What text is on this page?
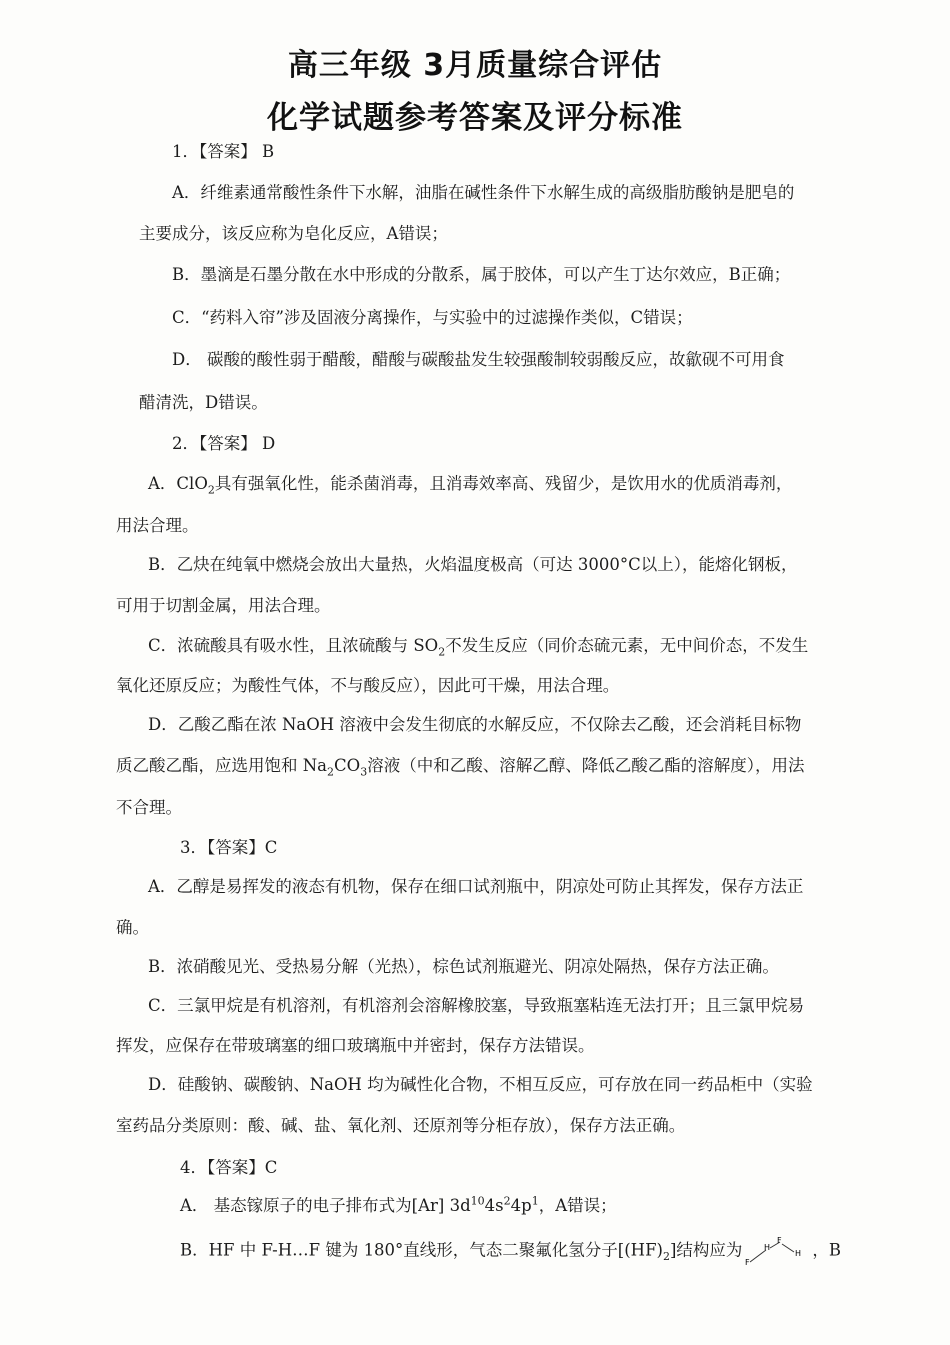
高三年级 3月质量综合评估
化学试题参考答案及评分标准
1．【答案】 B
A．纤维素通常酸性条件下水解，油脂在碱性条件下水解生成的高级脂肪酸钠是肥皂的
主要成分，该反应称为皂化反应，A错误；
B．墨滴是石墨分散在水中形成的分散系，属于胶体，可以产生丁达尔效应，B正确；
C．“药料入帘”涉及固液分离操作，与实验中的过滤操作类似，C错误；
D． 碳酸的酸性弱于醋酸，醋酸与碳酸盐发生较强酸制较弱酸反应，故歙砚不可用食
醋清洗，D错误。
2．【答案】 D
A．ClO$_2$具有强氧化性，能杀菌消毒，且消毒效率高、残留少，是饮用水的优质消毒剂，
用法合理。
B．乙炔在纯氧中燃烧会放出大量热，火焰温度极高（可达 3000°C以上），能熔化钢板，
可用于切割金属，用法合理。
C．浓硫酸具有吸水性，且浓硫酸与 $SO_2$不发生反应（同价态硫元素，无中间价态，不发生
氧化还原反应；为酸性气体，不与酸反应），因此可干燥，用法合理。
D．乙酸乙酯在浓 NaOH 溶液中会发生彻底的水解反应，不仅除去乙酸，还会消耗目标物
质乙酸乙酯，应选用饱和 $Na_2CO_3$溶液（中和乙酸、溶解乙醇、降低乙酸乙酯的溶解度），用法
不合理。
3．【答案】C
A．乙醇是易挥发的液态有机物，保存在细口试剂瓶中，阴凉处可防止其挥发，保存方法正
确。
B．浓硝酸见光、受热易分解（光热），棕色试剂瓶避光、阴凉处隔热，保存方法正确。
C．三氯甲烷是有机溶剂，有机溶剂会溶解橡胶塞，导致瓶塞粘连无法打开；且三氯甲烷易
挥发，应保存在带玻璃塞的细口玻璃瓶中并密封，保存方法错误。
D．硅酸钠、碳酸钠、NaOH 均为碱性化合物，不相互反应，可存放在同一药品柜中（实验
室药品分类原则：酸、碱、盐、氧化剂、还原剂等分柜存放），保存方法正确。
4．【答案】C
A． 基态镓原子的电子排布式为[Ar] $3d^{10}4s^24p^1$，A错误；
B．HF 中 F-H…F 键为 180°直线形，气态二聚氟化氢分子$[(HF)_2]$结构应为
F
H
F
H ，B
